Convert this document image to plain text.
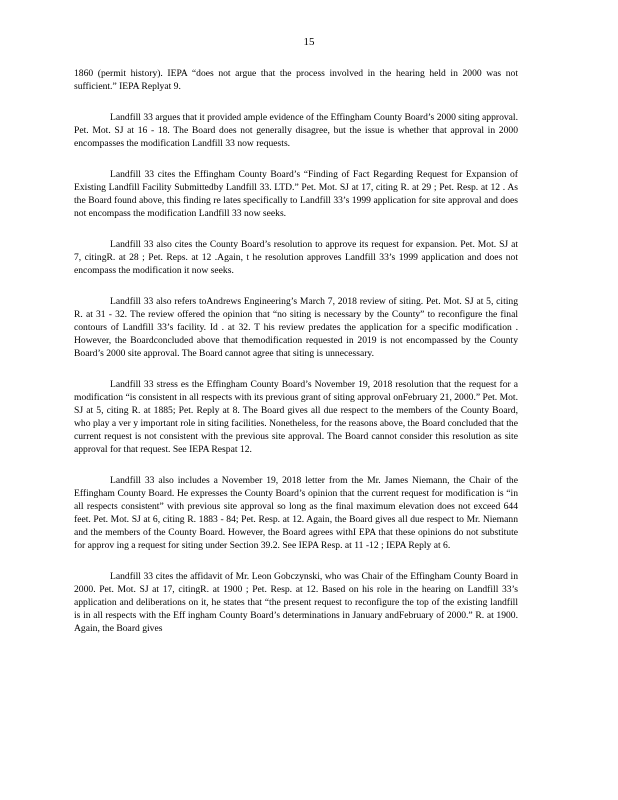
15

1860 (permit history). IEPA “does not argue that the process involved in the hearing held in 2000 was not sufficient.” IEPA Replyat 9.

Landfill 33 argues that it provided ample evidence of the Effingham County Board’s 2000 siting approval. Pet. Mot. SJ at 16 - 18. The Board does not generally disagree, but the issue is whether that approval in 2000 encompasses the modification Landfill 33 now requests.

Landfill 33 cites the Effingham County Board’s “Finding of Fact Regarding Request for Expansion of Existing Landfill Facility Submittedby Landfill 33. LTD.” Pet. Mot. SJ at 17, citing R. at 29 ; Pet. Resp. at 12 . As the Board found above, this finding re lates specifically to Landfill 33’s 1999 application for site approval and does not encompass the modification Landfill 33 now seeks.

Landfill 33 also cites the County Board’s resolution to approve its request for expansion. Pet. Mot. SJ at 7, citingR. at 28 ; Pet. Reps. at 12 .Again, t he resolution approves Landfill 33’s 1999 application and does not encompass the modification it now seeks.

Landfill 33 also refers toAndrews Engineering’s March 7, 2018 review of siting. Pet. Mot. SJ at 5, citing R. at 31 - 32. The review offered the opinion that “no siting is necessary by the County” to reconfigure the final contours of Landfill 33’s facility. Id . at 32. T his review predates the application for a specific modification . However, the Boardconcluded above that themodification requested in 2019 is not encompassed by the County Board’s 2000 site approval. The Board cannot agree that siting is unnecessary.

Landfill 33 stress es the Effingham County Board’s November 19, 2018 resolution that the request for a modification “is consistent in all respects with its previous grant of siting approval onFebruary 21, 2000.” Pet. Mot. SJ at 5, citing R. at 1885; Pet. Reply at 8. The Board gives all due respect to the members of the County Board, who play a ver y important role in siting facilities. Nonetheless, for the reasons above, the Board concluded that the current request is not consistent with the previous site approval. The Board cannot consider this resolution as site approval for that request. See IEPA Respat 12.

Landfill 33 also includes a November 19, 2018 letter from the Mr. James Niemann, the Chair of the Effingham County Board. He expresses the County Board’s opinion that the current request for modification is “in all respects consistent” with previous site approval so long as the final maximum elevation does not exceed 644 feet. Pet. Mot. SJ at 6, citing R. 1883 - 84; Pet. Resp. at 12. Again, the Board gives all due respect to Mr. Niemann and the members of the County Board. However, the Board agrees withI EPA that these opinions do not substitute for approv ing a request for siting under Section 39.2. See IEPA Resp. at 11 -12 ; IEPA Reply at 6.

Landfill 33 cites the affidavit of Mr. Leon Gobczynski, who was Chair of the Effingham County Board in 2000. Pet. Mot. SJ at 17, citingR. at 1900 ; Pet. Resp. at 12. Based on his role in the hearing on Landfill 33’s application and deliberations on it, he states that “the present request to reconfigure the top of the existing landfill is in all respects with the Eff ingham County Board’s determinations in January andFebruary of 2000.” R. at 1900. Again, the Board gives
